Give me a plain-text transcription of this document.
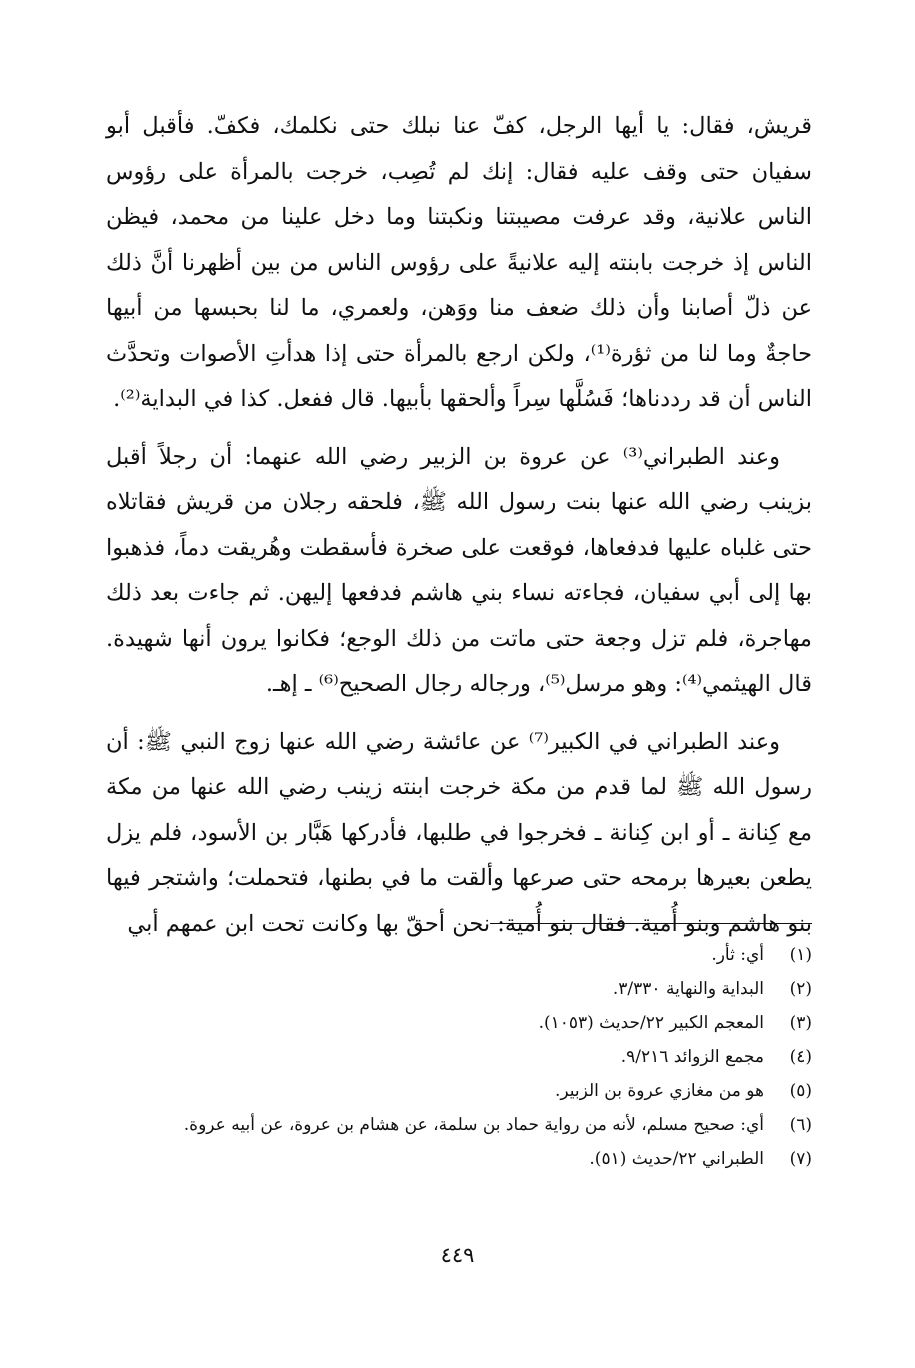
قريش، فقال: يا أيها الرجل، كفّ عنا نبلك حتى نكلمك، فكفّ. فأقبل أبو سفيان حتى وقف عليه فقال: إنك لم تُصِب، خرجت بالمرأة على رؤوس الناس علانية، وقد عرفت مصيبتنا ونكبتنا وما دخل علينا من محمد، فيظن الناس إذ خرجت بابنته إليه علانيةً على رؤوس الناس من بين أظهرنا أنَّ ذلك عن ذلّ أصابنا وأن ذلك ضعف منا ووَهن، ولعمري، ما لنا بحبسها من أبيها حاجةٌ وما لنا من ثؤرة⁽¹⁾، ولكن ارجع بالمرأة حتى إذا هدأتِ الأصوات وتحدَّث الناس أن قد رددناها؛ فَسُلَّها سِراً وألحقها بأبيها. قال ففعل. كذا في البداية⁽²⁾.

وعند الطبراني⁽³⁾ عن عروة بن الزبير رضي الله عنهما: أن رجلاً أقبل بزينب رضي الله عنها بنت رسول الله ﷺ، فلحقه رجلان من قريش فقاتلاه حتى غلباه عليها فدفعاها، فوقعت على صخرة فأسقطت وهُريقت دماً، فذهبوا بها إلى أبي سفيان، فجاءته نساء بني هاشم فدفعها إليهن. ثم جاءت بعد ذلك مهاجرة، فلم تزل وجعة حتى ماتت من ذلك الوجع؛ فكانوا يرون أنها شهيدة. قال الهيثمي⁽⁴⁾: وهو مرسل⁽⁵⁾، ورجاله رجال الصحيح⁽⁶⁾ ـ إهـ.

وعند الطبراني في الكبير⁽⁷⁾ عن عائشة رضي الله عنها زوج النبي ﷺ: أن رسول الله ﷺ لما قدم من مكة خرجت ابنته زينب رضي الله عنها من مكة مع كِنانة ـ أو ابن كِنانة ـ فخرجوا في طلبها، فأدركها هَبَّار بن الأسود، فلم يزل يطعن بعيرها برمحه حتى صرعها وألقت ما في بطنها، فتحملت؛ واشتجر فيها بنو هاشم وبنو أُمية. فقال بنو أُمية: نحن أحقّ بها وكانت تحت ابن عمهم أبي

(١)
أي: ثأر.
(٢)
البداية والنهاية ٣/٣٣٠.
(٣)
المعجم الكبير ٢٢/حديث (١٠٥٣).
(٤)
مجمع الزوائد ٩/٢١٦.
(٥)
هو من مغازي عروة بن الزبير.
(٦)
أي: صحيح مسلم، لأنه من رواية حماد بن سلمة، عن هشام بن عروة، عن أبيه عروة.
(٧)
الطبراني ٢٢/حديث (٥١).
٤٤٩
